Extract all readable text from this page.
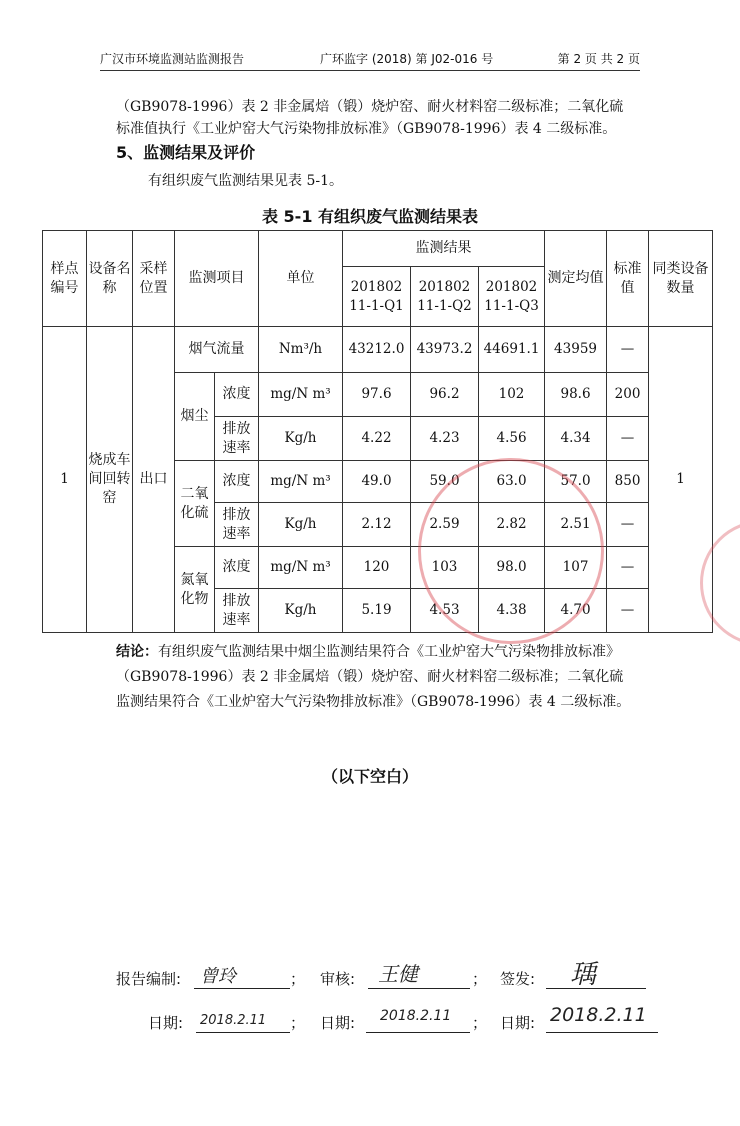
广汉市环境监测站监测报告	广环监字 (2018) 第 J02-016 号	第 2 页 共 2 页
（GB9078-1996）表 2 非金属焙（锻）烧炉窑、耐火材料窑二级标准；二氧化硫标准值执行《工业炉窑大气污染物排放标准》（GB9078-1996）表 4 二级标准。
5、监测结果及评价
有组织废气监测结果见表 5-1。
表 5-1 有组织废气监测结果表
样点编号	设备名称	采样位置	监测项目		单位	监测结果			测定均值	标准值	同类设备数量
						201802 11-1-Q1	201802 11-1-Q2	201802 11-1-Q3			

1	烧成车间回转窑	出口	烟气流量		Nm³/h	43212.0	43973.2	44691.1	43959	—	1
			烟尘	浓度	mg/N m³	97.6	96.2	102	98.6	200	
				排放速率	Kg/h	4.22	4.23	4.56	4.34	—	
			二氧化硫	浓度	mg/N m³	49.0	59.0	63.0	57.0	850	
				排放速率	Kg/h	2.12	2.59	2.82	2.51	—	
			氮氧化物	浓度	mg/N m³	120	103	98.0	107	—	
				排放速率	Kg/h	5.19	4.53	4.38	4.70	—	
结论：有组织废气监测结果中烟尘监测结果符合《工业炉窑大气污染物排放标准》（GB9078-1996）表 2 非金属焙（锻）烧炉窑、耐火材料窑二级标准；二氧化硫监测结果符合《工业炉窑大气污染物排放标准》（GB9078-1996）表 4 二级标准。
（以下空白）
报告编制: 曾玲	； 审核: 王健	； 签发: 瑀
日期: 2018.2.11 ； 日期: 2018.2.11 ； 日期: 2018.2.11
